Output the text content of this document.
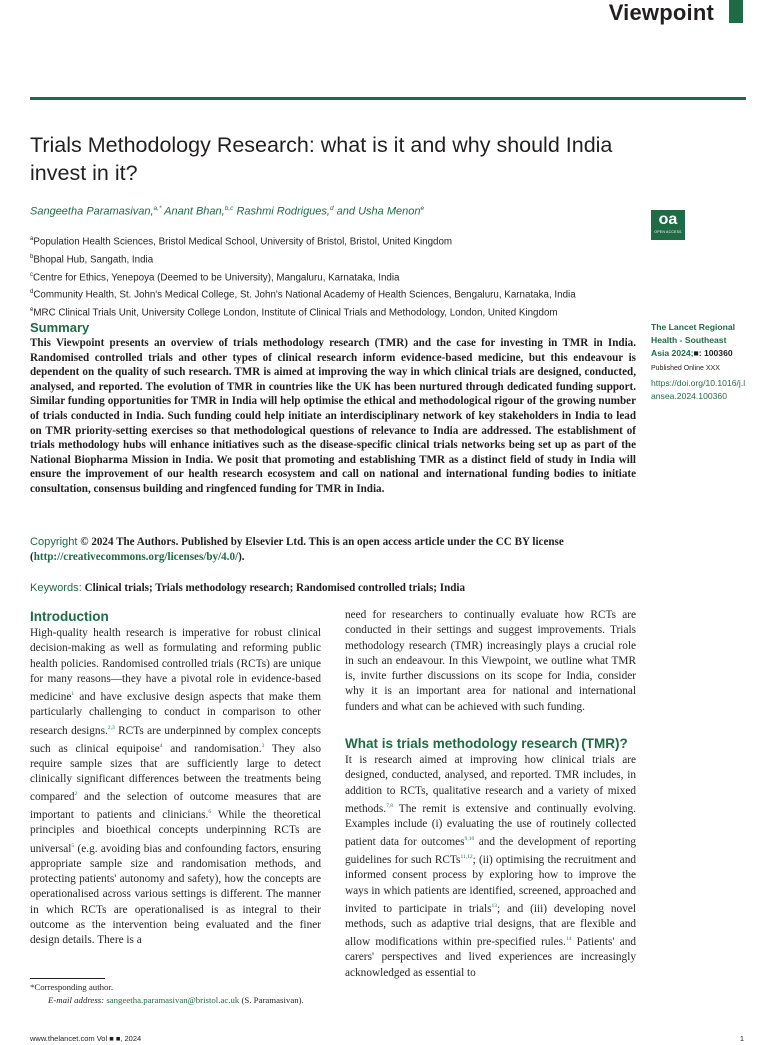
Viewpoint
Trials Methodology Research: what is it and why should India invest in it?
Sangeetha Paramasivan,$^{a,*}$ Anant Bhan,$^{b,c}$ Rashmi Rodrigues,$^d$ and Usha Menon$^e$
oa
OPEN ACCESS
$^a$Population Health Sciences, Bristol Medical School, University of Bristol, Bristol, United Kingdom
$^b$Bhopal Hub, Sangath, India
$^c$Centre for Ethics, Yenepoya (Deemed to be University), Mangaluru, Karnataka, India
$^d$Community Health, St. John's Medical College, St. John's National Academy of Health Sciences, Bengaluru, Karnataka, India
$^e$MRC Clinical Trials Unit, University College London, Institute of Clinical Trials and Methodology, London, United Kingdom
Summary

This Viewpoint presents an overview of trials methodology research (TMR) and the case for investing in TMR in India. Randomised controlled trials and other types of clinical research inform evidence-based medicine, but this endeavour is dependent on the quality of such research. TMR is aimed at improving the way in which clinical trials are designed, conducted, analysed, and reported. The evolution of TMR in countries like the UK has been nurtured through dedicated funding support. Similar funding opportunities for TMR in India will help optimise the ethical and methodological rigour of the growing number of trials conducted in India. Such funding could help initiate an interdisciplinary network of key stakeholders in India to lead on TMR priority-setting exercises so that methodological questions of relevance to India are addressed. The establishment of trials methodology hubs will enhance initiatives such as the disease-specific clinical trials networks being set up as part of the National Biopharma Mission in India. We posit that promoting and establishing TMR as a distinct field of study in India will ensure the improvement of our health research ecosystem and call on national and international funding bodies to initiate consultation, consensus building and ringfenced funding for TMR in India.

The Lancet Regional Health - Southeast Asia 2024;■: 100360
Published Online XXX
https://doi.org/10.1016/j.lansea.2024.100360
Copyright © 2024 The Authors. Published by Elsevier Ltd. This is an open access article under the CC BY license (http://creativecommons.org/licenses/by/4.0/).
Keywords: Clinical trials; Trials methodology research; Randomised controlled trials; India
Introduction

High-quality health research is imperative for robust clinical decision-making as well as formulating and reforming public health policies. Randomised controlled trials (RCTs) are unique for many reasons—they have a pivotal role in evidence-based medicine$^1$ and have exclusive design aspects that make them particularly challenging to conduct in comparison to other research designs.$^{2,3}$ RCTs are underpinned by complex concepts such as clinical equipoise$^4$ and randomisation.$^3$ They also require sample sizes that are sufficiently large to detect clinically significant differences between the treatments being compared$^2$ and the selection of outcome measures that are important to patients and clinicians.$^6$ While the theoretical principles and bioethical concepts underpinning RCTs are universal$^5$ (e.g. avoiding bias and confounding factors, ensuring appropriate sample size and randomisation methods, and protecting patients' autonomy and safety), how the concepts are operationalised across various settings is different. The manner in which RCTs are operationalised is as integral to their outcome as the intervention being evaluated and the finer design details. There is a

need for researchers to continually evaluate how RCTs are conducted in their settings and suggest improvements. Trials methodology research (TMR) increasingly plays a crucial role in such an endeavour. In this Viewpoint, we outline what TMR is, invite further discussions on its scope for India, consider why it is an important area for national and international funders and what can be achieved with such funding.

What is trials methodology research (TMR)?

It is research aimed at improving how clinical trials are designed, conducted, analysed, and reported. TMR includes, in addition to RCTs, qualitative research and a variety of mixed methods.$^{7,8}$ The remit is extensive and continually evolving. Examples include (i) evaluating the use of routinely collected patient data for outcomes$^{9,10}$ and the development of reporting guidelines for such RCTs$^{11,12}$; (ii) optimising the recruitment and informed consent process by exploring how to improve the ways in which patients are identified, screened, approached and invited to participate in trials$^{13}$; and (iii) developing novel methods, such as adaptive trial designs, that are flexible and allow modifications within pre-specified rules.$^{14}$ Patients' and carers' perspectives and lived experiences are increasingly acknowledged as essential to

*Corresponding author.
E-mail address: sangeetha.paramasivan@bristol.ac.uk (S. Paramasivan).
www.thelancet.com Vol ■ ■, 2024	1
